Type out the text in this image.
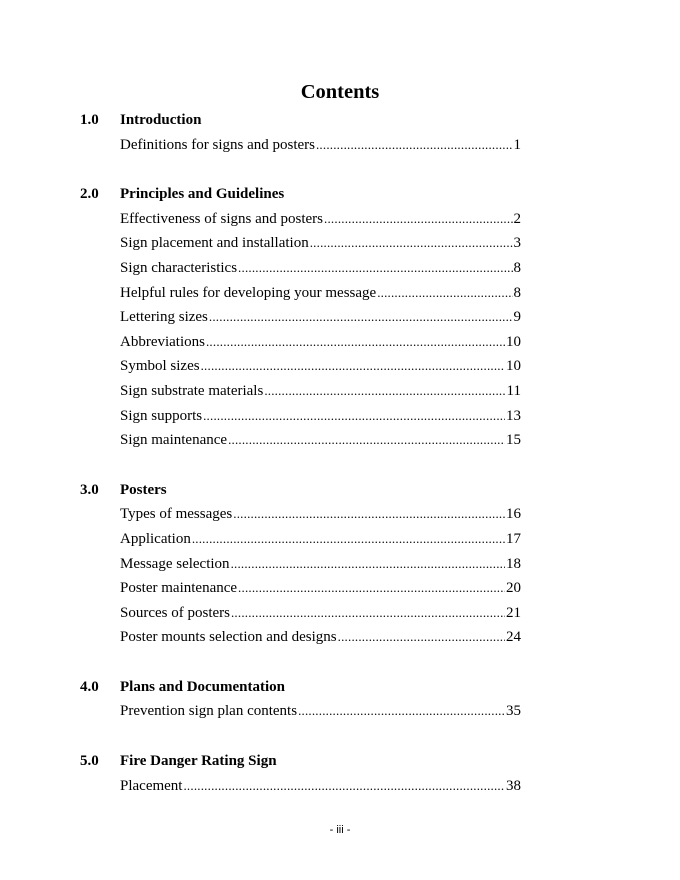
Contents
1.0 Introduction
Definitions for signs and posters .....	1
2.0 Principles and Guidelines
Effectiveness of signs and posters .....	2
Sign placement and installation .....	3
Sign characteristics .....	8
Helpful rules for developing your message .....	8
Lettering sizes .....	9
Abbreviations .....	10
Symbol sizes .....	10
Sign substrate materials .....	11
Sign supports .....	13
Sign maintenance .....	15
3.0 Posters
Types of messages .....	16
Application .....	17
Message selection .....	18
Poster maintenance .....	20
Sources of posters .....	21
Poster mounts selection and designs .....	24
4.0 Plans and Documentation
Prevention sign plan contents .....	35
5.0 Fire Danger Rating Sign
Placement .....	38
- iii -
